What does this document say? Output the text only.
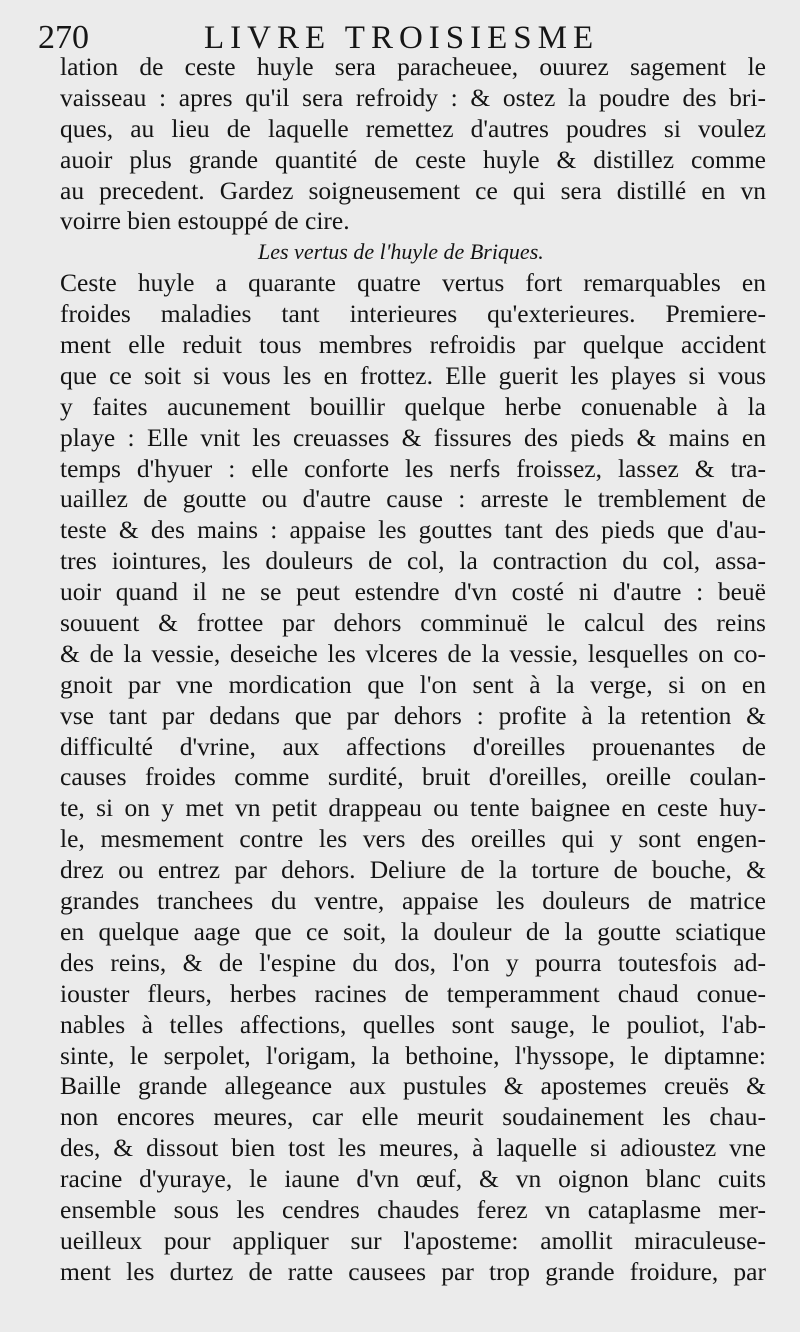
270	LIVRE TROISIESME
lation de ceste huyle sera paracheuee, ouurez sagement le
vaisseau : apres qu'il sera refroidy : & ostez la poudre des bri-
ques, au lieu de laquelle remettez d'autres poudres si voulez
auoir plus grande quantité de ceste huyle & distillez comme
au precedent. Gardez soigneusement ce qui sera distillé en vn
voirre bien estouppé de cire.
Les vertus de l'huyle de Briques.
Ceste huyle a quarante quatre vertus fort remarquables en
froides maladies tant interieures qu'exterieures. Premiere-
ment elle reduit tous membres refroidis par quelque accident
que ce soit si vous les en frottez. Elle guerit les playes si vous
y faites aucunement bouillir quelque herbe conuenable à la
playe : Elle vnit les creuasses & fissures des pieds & mains en
temps d'hyuer : elle conforte les nerfs froissez, lassez & tra-
uaillez de goutte ou d'autre cause : arreste le tremblement de
teste & des mains : appaise les gouttes tant des pieds que d'au-
tres iointures, les douleurs de col, la contraction du col, assa-
uoir quand il ne se peut estendre d'vn costé ni d'autre : beuë
souuent & frottee par dehors comminuë le calcul des reins
& de la vessie, deseiche les vlceres de la vessie, lesquelles on co-
gnoit par vne mordication que l'on sent à la verge, si on en
vse tant par dedans que par dehors : profite à la retention &
difficulté d'vrine, aux affections d'oreilles prouenantes de
causes froides comme surdité, bruit d'oreilles, oreille coulan-
te, si on y met vn petit drappeau ou tente baignee en ceste huy-
le, mesmement contre les vers des oreilles qui y sont engen-
drez ou entrez par dehors. Deliure de la torture de bouche, &
grandes tranchees du ventre, appaise les douleurs de matrice
en quelque aage que ce soit, la douleur de la goutte sciatique
des reins, & de l'espine du dos, l'on y pourra toutesfois ad-
iouster fleurs, herbes racines de temperamment chaud conue-
nables à telles affections, quelles sont sauge, le pouliot, l'ab-
sinte, le serpolet, l'origam, la bethoine, l'hyssope, le diptamne:
Baille grande allegeance aux pustules & apostemes creuës &
non encores meures, car elle meurit soudainement les chau-
des, & dissout bien tost les meures, à laquelle si adioustez vne
racine d'yuraye, le iaune d'vn œuf, & vn oignon blanc cuits
ensemble sous les cendres chaudes ferez vn cataplasme mer-
ueilleux pour appliquer sur l'aposteme: amollit miraculeuse-
ment les durtez de ratte causees par trop grande froidure, par
